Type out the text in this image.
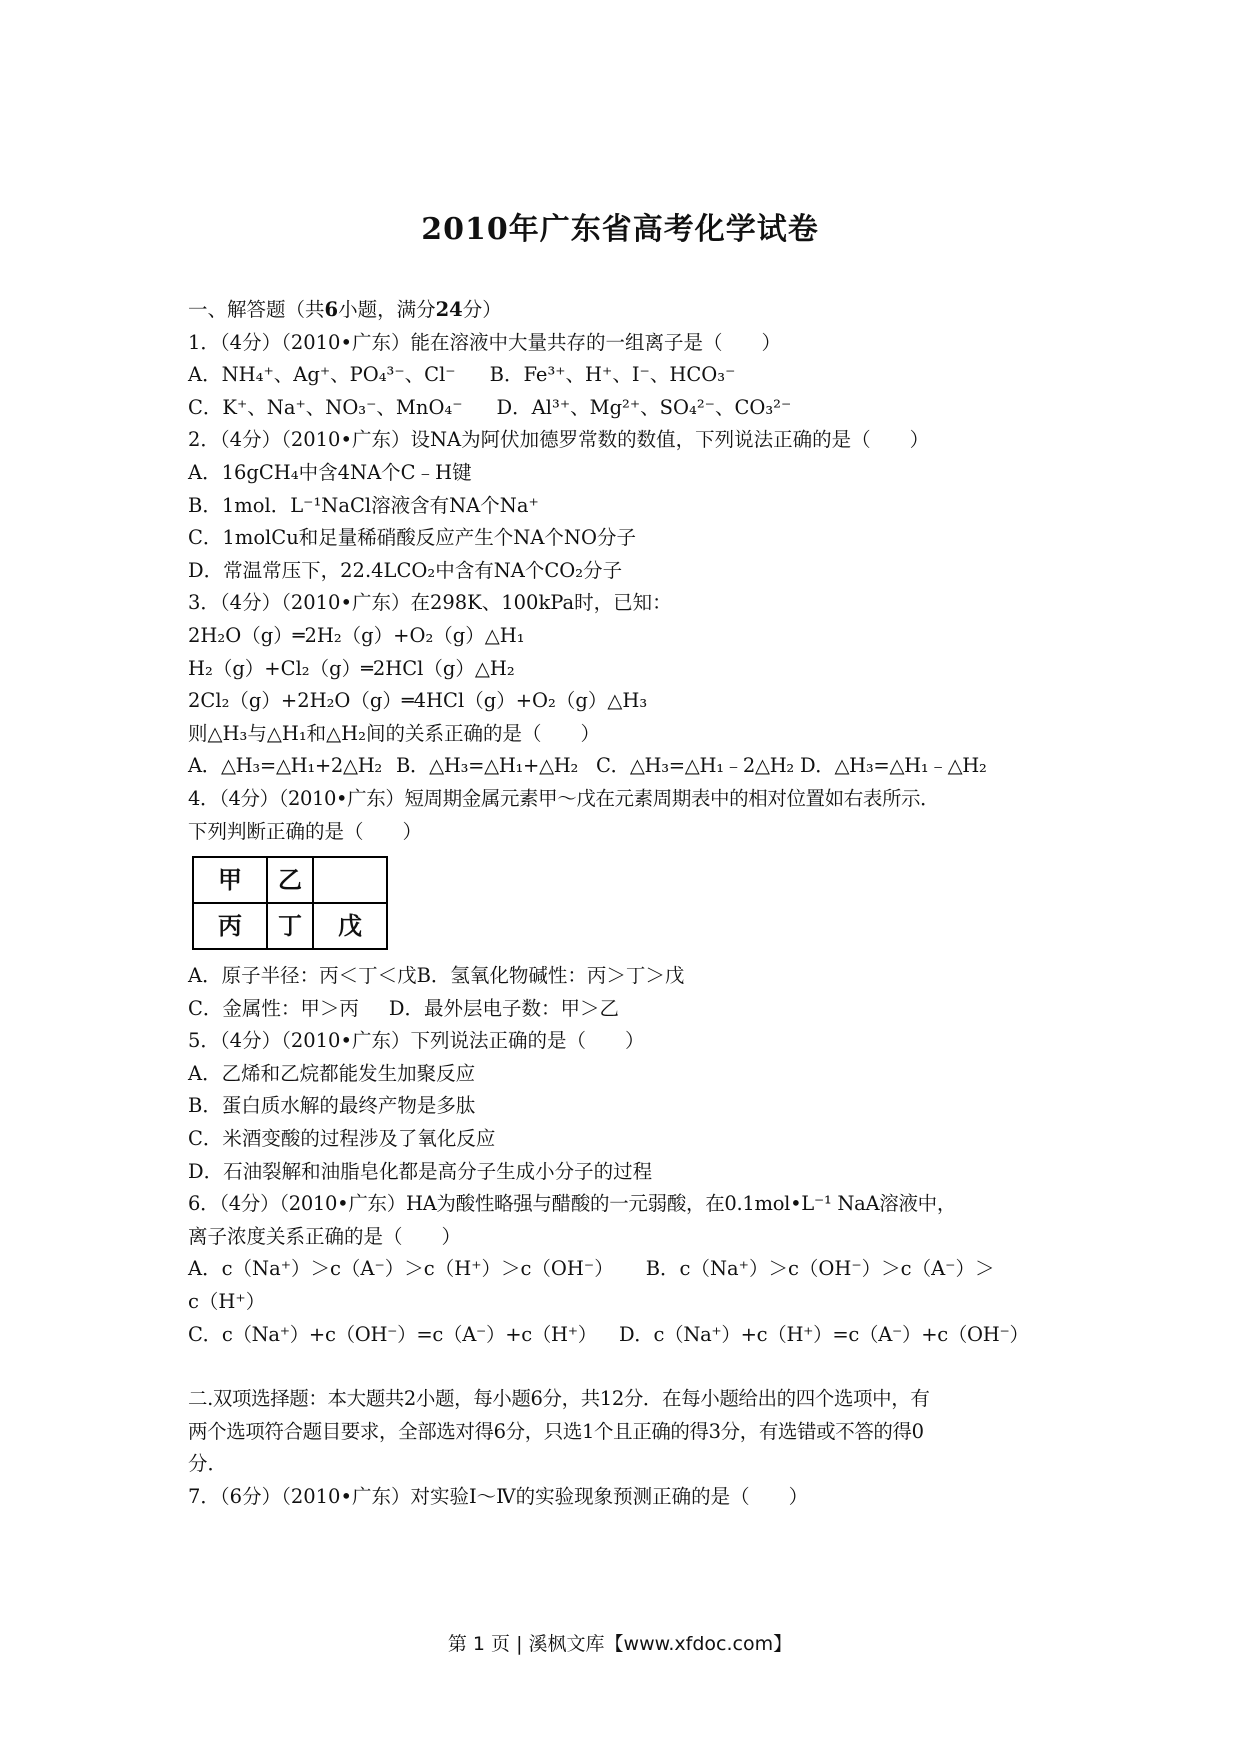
2010年广东省高考化学试卷
一、解答题（共6小题，满分24分）
1．（4分）（2010•广东）能在溶液中大量共存的一组离子是（　　）
A．NH₄⁺、Ag⁺、PO₄³⁻、Cl⁻ B．Fe³⁺、H⁺、I⁻、HCO₃⁻
C．K⁺、Na⁺、NO₃⁻、MnO₄⁻ D．Al³⁺、Mg²⁺、SO₄²⁻、CO₃²⁻
2．（4分）（2010•广东）设NA为阿伏加德罗常数的数值，下列说法正确的是（　　）
A．16gCH₄中含4NA个C﹣H键
B．1mol．L⁻¹NaCl溶液含有NA个Na⁺
C．1molCu和足量稀硝酸反应产生个NA个NO分子
D．常温常压下，22.4LCO₂中含有NA个CO₂分子
3．（4分）（2010•广东）在298K、100kPa时，已知：
2H₂O（g）═2H₂（g）+O₂（g）△H₁
H₂（g）+Cl₂（g）═2HCl（g）△H₂
2Cl₂（g）+2H₂O（g）═4HCl（g）+O₂（g）△H₃
则△H₃与△H₁和△H₂间的关系正确的是（　　）
A．△H₃=△H₁+2△H₂ B．△H₃=△H₁+△H₂ C．△H₃=△H₁﹣2△H₂ D．△H₃=△H₁﹣△H₂
4．（4分）（2010•广东）短周期金属元素甲～戊在元素周期表中的相对位置如右表所示．
下列判断正确的是（　　）
甲	乙	
丙	丁	戊
A．原子半径：丙＜丁＜戊B．氢氧化物碱性：丙＞丁＞戊
C．金属性：甲＞丙 D．最外层电子数：甲＞乙
5．（4分）（2010•广东）下列说法正确的是（　　）
A．乙烯和乙烷都能发生加聚反应
B．蛋白质水解的最终产物是多肽
C．米酒变酸的过程涉及了氧化反应
D．石油裂解和油脂皂化都是高分子生成小分子的过程
6．（4分）（2010•广东）HA为酸性略强与醋酸的一元弱酸，在0.1mol•L⁻¹ NaA溶液中，
离子浓度关系正确的是（　　）
A．c（Na⁺）＞c（A⁻）＞c（H⁺）＞c（OH⁻） B．c（Na⁺）＞c（OH⁻）＞c（A⁻）＞
c（H⁺）
C．c（Na⁺）+c（OH⁻）=c（A⁻）+c（H⁺） D．c（Na⁺）+c（H⁺）=c（A⁻）+c（OH⁻）
二.双项选择题：本大题共2小题，每小题6分，共12分．在每小题给出的四个选项中，有
两个选项符合题目要求，全部选对得6分，只选1个且正确的得3分，有选错或不答的得0
分．
7．（6分）（2010•广东）对实验Ⅰ～Ⅳ的实验现象预测正确的是（　　）
第 1 页 | 溪枫文库【www.xfdoc.com】
